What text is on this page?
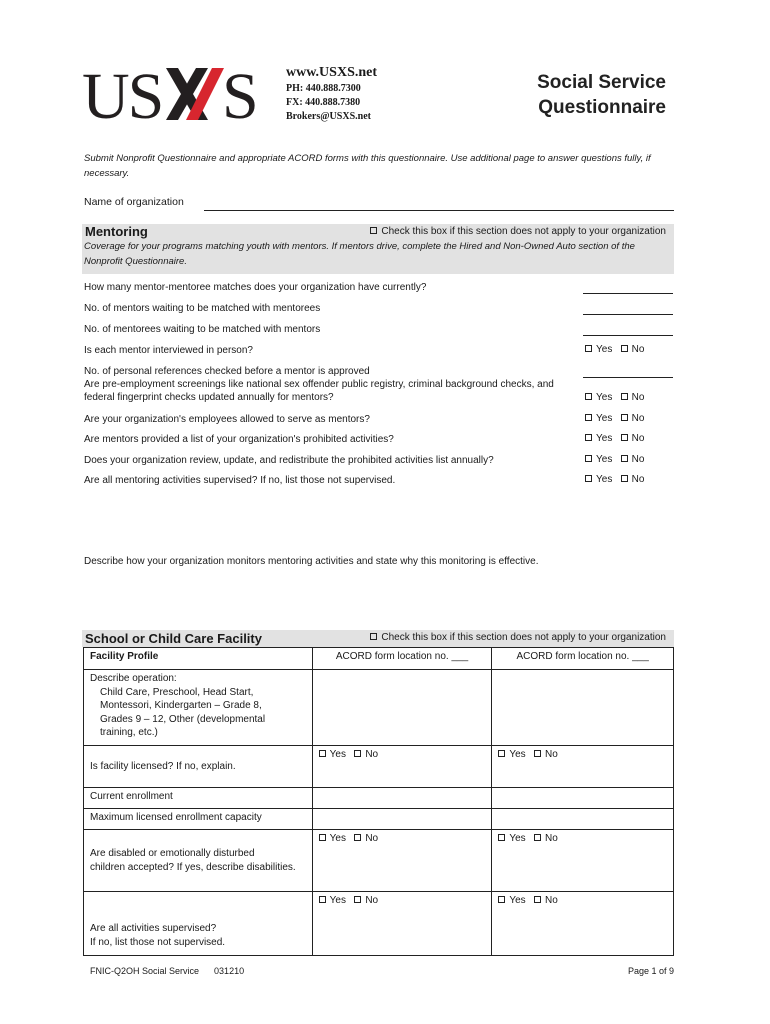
US S www.USXS.net
PH: 440.888.7300
FX: 440.888.7380
Brokers@USXS.net
Social Service
Questionnaire
Submit Nonprofit Questionnaire and appropriate ACORD forms with this questionnaire. Use additional page to answer questions fully, if necessary.
Name of organization
Mentoring	Check this box if this section does not apply to your organization
Coverage for your programs matching youth with mentors. If mentors drive, complete the Hired and Non-Owned Auto section of the Nonprofit Questionnaire.
How many mentor-mentoree matches does your organization have currently?
No. of mentors waiting to be matched with mentorees
No. of mentorees waiting to be matched with mentors
Is each mentor interviewed in person?	Yes No
No. of personal references checked before a mentor is approved
Are pre-employment screenings like national sex offender public registry, criminal background checks, and federal fingerprint checks updated annually for mentors?	Yes No
Are your organization's employees allowed to serve as mentors?	Yes No
Are mentors provided a list of your organization's prohibited activities?	Yes No
Does your organization review, update, and redistribute the prohibited activities list annually?	Yes No
Are all mentoring activities supervised? If no, list those not supervised.	Yes No
Describe how your organization monitors mentoring activities and state why this monitoring is effective.
School or Child Care Facility	Check this box if this section does not apply to your organization
Facility Profile	ACORD form location no. ___	ACORD form location no. ___

Describe operation:
Child Care, Preschool, Head Start,
Montessori, Kindergarten – Grade 8,
Grades 9 – 12, Other (developmental
training, etc.)		

Is facility licensed? If no, explain.	Yes No	Yes No
Current enrollment		
Maximum licensed enrollment capacity		

Are disabled or emotionally disturbed
children accepted? If yes, describe disabilities.	Yes No	Yes No

Are all activities supervised?
If no, list those not supervised.	Yes No	Yes No
FNIC-Q2OH Social Service 031210	Page 1 of 9
